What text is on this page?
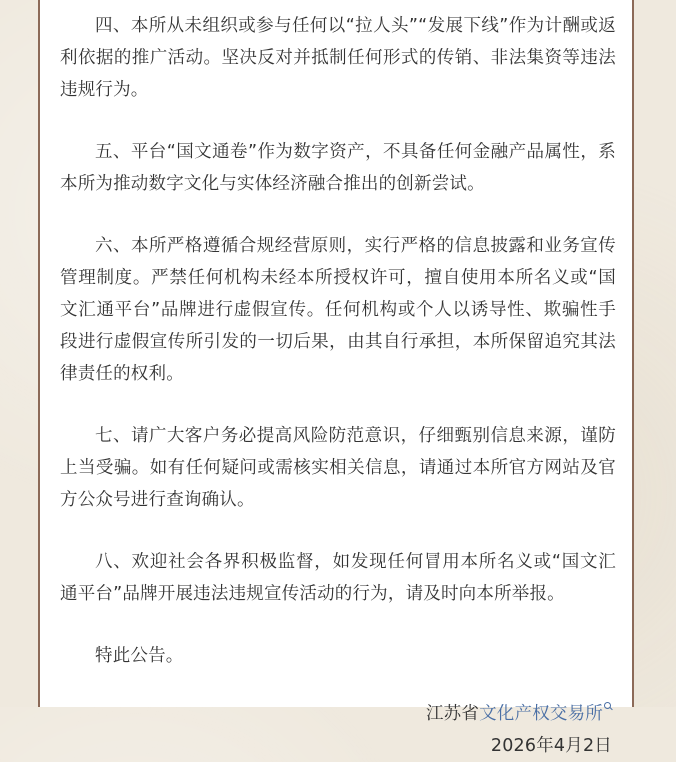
四、本所从未组织或参与任何以“拉人头”“发展下线”作为计酬或返利依据的推广活动。坚决反对并抵制任何形式的传销、非法集资等违法违规行为。

五、平台“国文通卷”作为数字资产，不具备任何金融产品属性，系本所为推动数字文化与实体经济融合推出的创新尝试。

六、本所严格遵循合规经营原则，实行严格的信息披露和业务宣传管理制度。严禁任何机构未经本所授权许可，擅自使用本所名义或“国文汇通平台”品牌进行虚假宣传。任何机构或个人以诱导性、欺骗性手段进行虚假宣传所引发的一切后果，由其自行承担，本所保留追究其法律责任的权利。

七、请广大客户务必提高风险防范意识，仔细甄别信息来源，谨防上当受骗。如有任何疑问或需核实相关信息，请通过本所官方网站及官方公众号进行查询确认。

八、欢迎社会各界积极监督，如发现任何冒用本所名义或“国文汇通平台”品牌开展违法违规宣传活动的行为，请及时向本所举报。

特此公告。

江苏省文化产权交易所

2026年4月2日
